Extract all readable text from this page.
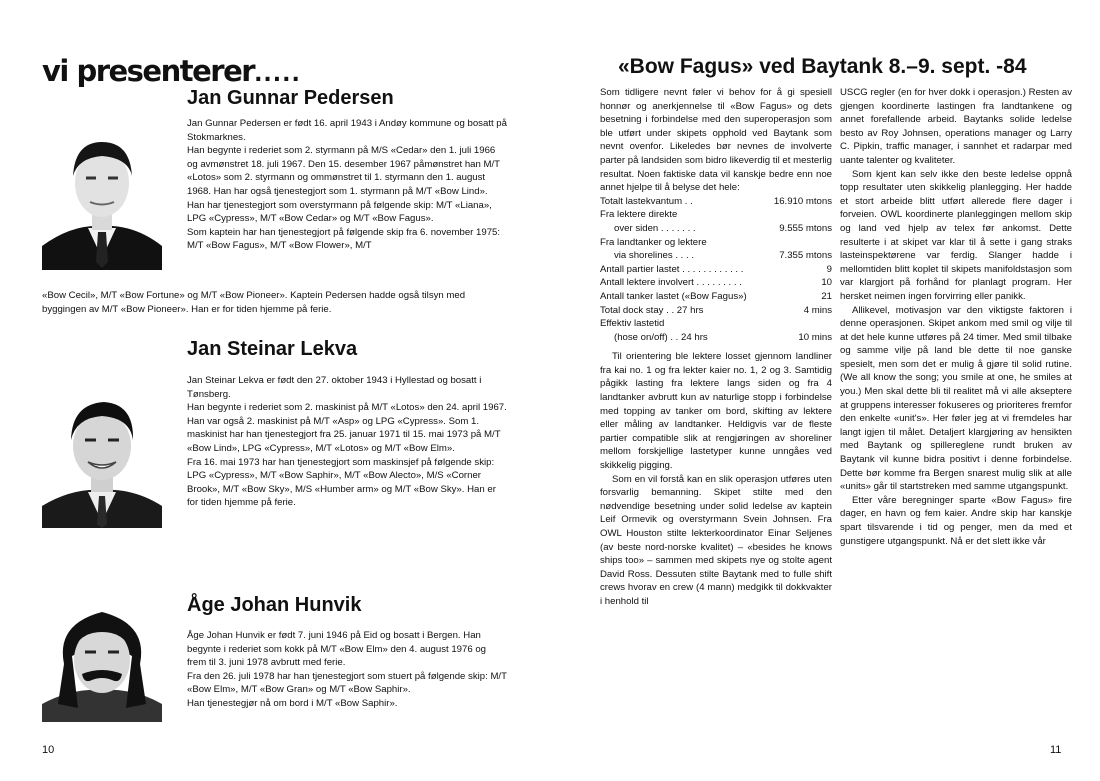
vi presenterer.....
Jan Gunnar Pedersen

Jan Gunnar Pedersen er født 16. april 1943 i Andøy kommune og bosatt på Stokmarknes.

Han begynte i rederiet som 2. styrmann på M/S «Cedar» den 1. juli 1966 og avmønstret 18. juli 1967. Den 15. desember 1967 påmønstret han M/T «Lotos» som 2. styrmann og ommønstret til 1. styrmann den 1. august 1968. Han har også tjenestegjort som 1. styrmann på M/T «Bow Lind».

Han har tjenestegjort som overstyrmann på følgende skip: M/T «Liana», LPG «Cypress», M/T «Bow Cedar» og M/T «Bow Fagus».

Som kaptein har han tjenestegjort på følgende skip fra 6. november 1975: M/T «Bow Fagus», M/T «Bow Flower», M/T

«Bow Cecil», M/T «Bow Fortune» og M/T «Bow Pioneer». Kaptein Pedersen hadde også tilsyn med byggingen av M/T «Bow Pioneer». Han er for tiden hjemme på ferie.
Jan Steinar Lekva

Jan Steinar Lekva er født den 27. oktober 1943 i Hyllestad og bosatt i Tønsberg.

Han begynte i rederiet som 2. maskinist på M/T «Lotos» den 24. april 1967. Han var også 2. maskinist på M/T «Asp» og LPG «Cypress». Som 1. maskinist har han tjenestegjort fra 25. januar 1971 til 15. mai 1973 på M/T «Bow Lind», LPG «Cypress», M/T «Lotos» og M/T «Bow Elm».

Fra 16. mai 1973 har han tjenestegjort som maskinsjef på følgende skip: LPG «Cypress», M/T «Bow Saphir», M/T «Bow Alecto», M/S «Corner Brook», M/T «Bow Sky», M/S «Humber arm» og M/T «Bow Sky». Han er for tiden hjemme på ferie.

Åge Johan Hunvik

Åge Johan Hunvik er født 7. juni 1946 på Eid og bosatt i Bergen. Han begynte i rederiet som kokk på M/T «Bow Elm» den 4. august 1976 og frem til 3. juni 1978 avbrutt med ferie.

Fra den 26. juli 1978 har han tjenestegjort som stuert på følgende skip: M/T «Bow Elm», M/T «Bow Gran» og M/T «Bow Saphir».

Han tjenestegjør nå om bord i M/T «Bow Saphir».

10
«Bow Fagus» ved Baytank 8.–9. sept. -84

Som tidligere nevnt føler vi behov for å gi spesiell honnør og anerkjennelse til «Bow Fagus» og dets besetning i forbindelse med den superoperasjon som ble utført under skipets opphold ved Baytank som nevnt ovenfor. Likeledes bør nevnes de involverte parter på landsiden som bidro likeverdig til et mesterlig resultat. Noen faktiske data vil kanskje bedre enn noe annet hjelpe til å belyse det hele:

Totalt lastekvantum . .	16.910 mtons
Fra lektere direkte
over siden . . . . . . .	9.555 mtons
Fra landtanker og lektere
via shorelines . . . .	7.355 mtons
Antall partier lastet . . . . . . . . . . . .	9
Antall lektere involvert . . . . . . . . .	10
Antall tanker lastet («Bow Fagus»)	21
Total dock stay . . 27 hrs	4 mins
Effektiv lastetid
(hose on/off) . . 24 hrs	10 mins

Til orientering ble lektere losset gjennom landliner fra kai no. 1 og fra lekter kaier no. 1, 2 og 3. Samtidig pågikk lasting fra lektere langs siden og fra 4 landtanker avbrutt kun av naturlige stopp i forbindelse med topping av tanker om bord, skifting av lektere eller måling av landtanker. Heldigvis var de fleste partier compatible slik at rengjøringen av shoreliner mellom forskjellige lastetyper kunne unngåes ved skikkelig pigging.

Som en vil forstå kan en slik operasjon utføres uten forsvarlig bemanning. Skipet stilte med den nødvendige besetning under solid ledelse av kaptein Leif Ormevik og overstyrmann Svein Johnsen. Fra OWL Houston stilte lekterkoordinator Einar Seljenes (av beste nord-norske kvalitet) – «besides he knows ships too» – sammen med skipets nye og stolte agent David Ross. Dessuten stilte Baytank med to fulle shift crews hvorav en crew (4 mann) medgikk til dokkvakter i henhold til

USCG regler (en for hver dokk i operasjon.) Resten av gjengen koordinerte lastingen fra landtankene og annet forefallende arbeid. Baytanks solide ledelse besto av Roy Johnsen, operations manager og Larry C. Pipkin, traffic manager, i sannhet et radarpar med uante talenter og kvaliteter.

Som kjent kan selv ikke den beste ledelse oppnå topp resultater uten skikkelig planlegging. Her hadde et stort arbeide blitt utført allerede flere dager i forveien. OWL koordinerte planleggingen mellom skip og land ved hjelp av telex før ankomst. Dette resulterte i at skipet var klar til å sette i gang straks lasteinspektørene var ferdig. Slanger hadde i mellomtiden blitt koplet til skipets manifoldstasjon som var klargjort på forhånd for planlagt program. Her hersket neimen ingen forvirring eller panikk.

Allikevel, motivasjon var den viktigste faktoren i denne operasjonen. Skipet ankom med smil og vilje til at det hele kunne utføres på 24 timer. Med smil tilbake og samme vilje på land ble dette til noe ganske spesielt, men som det er mulig å gjøre til solid rutine. (We all know the song; you smile at one, he smiles at you.) Men skal dette bli til realitet må vi alle akseptere at gruppens interesser fokuseres og prioriteres fremfor den enkelte «unit's». Her føler jeg at vi fremdeles har langt igjen til målet. Detaljert klargjøring av hensikten med Baytank og spillereglene rundt bruken av Baytank vil kunne bidra positivt i denne forbindelse. Dette bør komme fra Bergen snarest mulig slik at alle «units» går til startstreken med samme utgangspunkt.

Etter våre beregninger sparte «Bow Fagus» fire dager, en havn og fem kaier. Andre skip har kanskje spart tilsvarende i tid og penger, men da med et gunstigere utgangspunkt. Nå er det slett ikke vår

11
